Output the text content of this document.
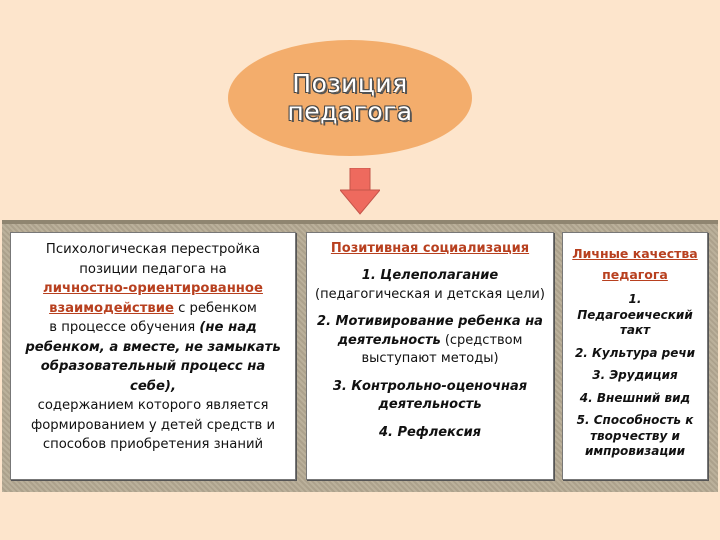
Позиция
педагога
Психологическая перестройка
позиции педагога на
личностно-ориентированное
взаимодействие с ребенком
в процессе обучения (не над
ребенком, а вместе, не замыкать
образовательный процесс на
себе),
содержанием которого является
формированием у детей средств и
способов приобретения знаний
Позитивная социализация
1. Целеполагание
(педагогическая и детская цели)
2. Мотивирование ребенка на деятельность (средством выступают методы)
3. Контрольно-оценочная деятельность
4. Рефлексия
Личные качества
педагога
1. Педагоеический такт
2. Культура речи
3. Эрудиция
4. Внешний вид
5. Способность к творчеству и импровизации
